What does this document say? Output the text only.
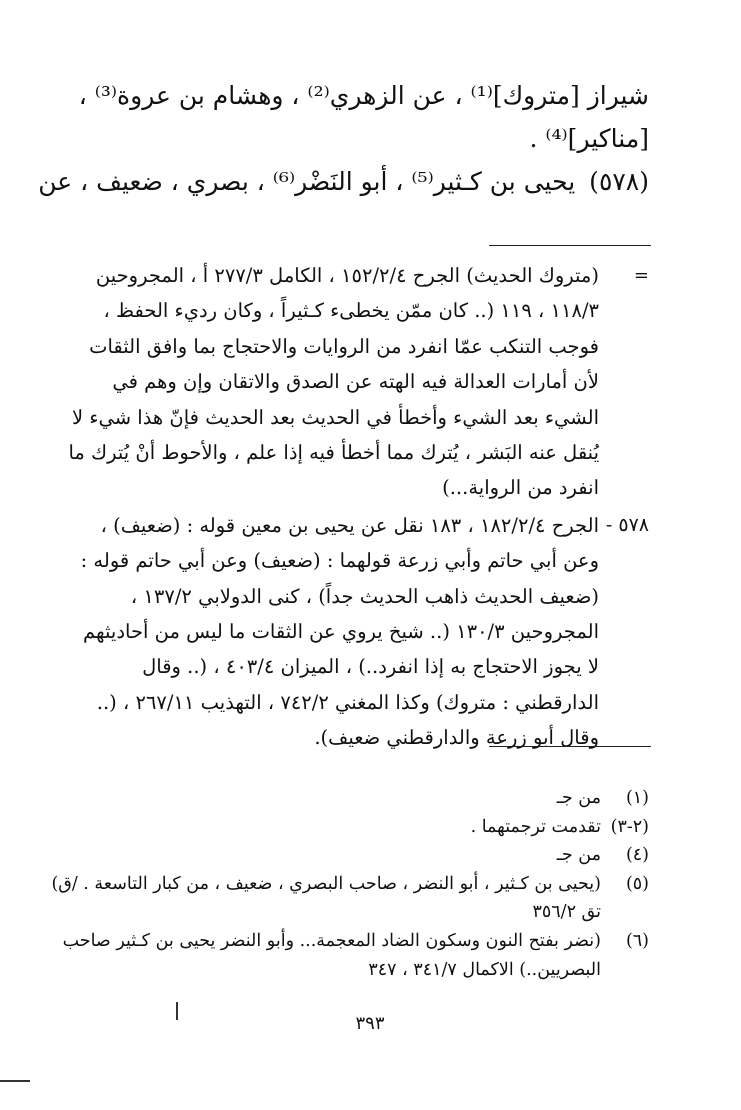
شيراز [متروك]⁽¹⁾ ، عن الزهري⁽²⁾ ، وهشام بن عروة⁽³⁾ ،

[مناكير]⁽⁴⁾ .

(٥٧٨)يحيى بن كـثير⁽⁵⁾ ، أبو النَضْر⁽⁶⁾ ، بصري ، ضعيف ، عن

=

(متروك الحديث) الجرح ١٥٢/٢/٤ ، الكامل ٢٧٧/٣ أ ، المجروحين

١١٨/٣ ، ١١٩ (.. كان ممّن يخطىء كـثيراً ، وكان رديء الحفظ ،

فوجب التنكب عمّا انفرد من الروايات والاحتجاج بما وافق الثقات

لأن أمارات العدالة فيه الهته عن الصدق والاتقان وإن وهم في

الشيء بعد الشيء وأخطأ في الحديث بعد الحديث فإنّ هذا شيء لا

يُنقل عنه البَشر ، يُترك مما أخطأ فيه إذا علم ، والأحوط أنْ يُترك ما

انفرد من الرواية...)

٥٧٨ -

الجرح ١٨٢/٢/٤ ، ١٨٣ نقل عن يحيى بن معين قوله : (ضعيف) ،

وعن أبي حاتم وأبي زرعة قولهما : (ضعيف) وعن أبي حاتم قوله :

(ضعيف الحديث ذاهب الحديث جداً) ، كنى الدولابي ١٣٧/٢ ،

المجروحين ١٣٠/٣ (.. شيخ يروي عن الثقات ما ليس من أحاديثهم

لا يجوز الاحتجاج به إذا انفرد..) ، الميزان ٤٠٣/٤ ، (.. وقال

الدارقطني : متروك) وكذا المغني ٧٤٢/٢ ، التهذيب ٢٦٧/١١ ، (..

وقال أبو زرعة والدارقطني ضعيف).

(١)
من جـ
(٢-٣)
تقدمت ترجمتهما .
(٤)
من جـ
(٥)
(يحيى بن كـثير ، أبو النضر ، صاحب البصري ، ضعيف ، من كبار التاسعة . /ق)
تق ٣٥٦/٢
(٦)
(نضر بفتح النون وسكون الضاد المعجمة... وأبو النضر يحيى بن كـثير صاحب
البصريين..) الاكمال ٣٤١/٧ ، ٣٤٧
٣٩٣
